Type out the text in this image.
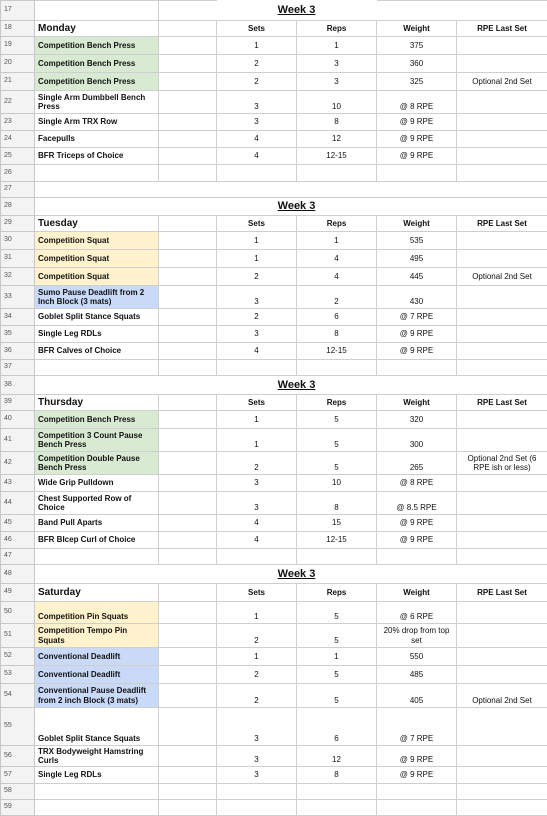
17			Week 3			
18	Monday		Sets	Reps	Weight	RPE Last Set
19	Competition Bench Press		1	1	375	
20	Competition Bench Press		2	3	360	
21	Competition Bench Press		2	3	325	Optional 2nd Set
22	Single Arm Dumbbell Bench Press		3	10	@ 8 RPE	
23	Single Arm TRX Row		3	8	@ 9 RPE	
24	Facepulls		4	12	@ 9 RPE	
25	BFR Triceps of Choice		4	12-15	@ 9 RPE	
26						
27						
28			Week 3			
29	Tuesday		Sets	Reps	Weight	RPE Last Set
30	Competition Squat		1	1	535	
31	Competition Squat		1	4	495	
32	Competition Squat		2	4	445	Optional 2nd Set
33	Sumo Pause Deadlift from 2 Inch Block (3 mats)		3	2	430	
34	Goblet Split Stance Squats		2	6	@ 7 RPE	
35	Single Leg RDLs		3	8	@ 9 RPE	
36	BFR Calves of Choice		4	12-15	@ 9 RPE	
37						
38			Week 3			
39	Thursday		Sets	Reps	Weight	RPE Last Set
40	Competition Bench Press		1	5	320	
41	Competition 3 Count Pause Bench Press		1	5	300	
42	Competition Double Pause Bench Press		2	5	265	Optional 2nd Set (6 RPE ish or less)
43	Wide Grip Pulldown		3	10	@ 8 RPE	
44	Chest Supported Row of Choice		3	8	@ 8.5 RPE	
45	Band Pull Aparts		4	15	@ 9 RPE	
46	BFR BIcep Curl of Choice		4	12-15	@ 9 RPE	
47						
48			Week 3			
49	Saturday		Sets	Reps	Weight	RPE Last Set
50	Competition Pin Squats		1	5	@ 6 RPE	
51	Competition Tempo Pin Squats		2	5	20% drop from top set	
52	Conventional Deadlift		1	1	550	
53	Conventional Deadlift		2	5	485	
54	Conventional Pause Deadlift from 2 inch Block (3 mats)		2	5	405	Optional 2nd Set
55	Goblet Split Stance Squats		3	6	@ 7 RPE	
56	TRX Bodyweight Hamstring Curls		3	12	@ 9 RPE	
57	Single Leg RDLs		3	8	@ 9 RPE	
58						
59						
